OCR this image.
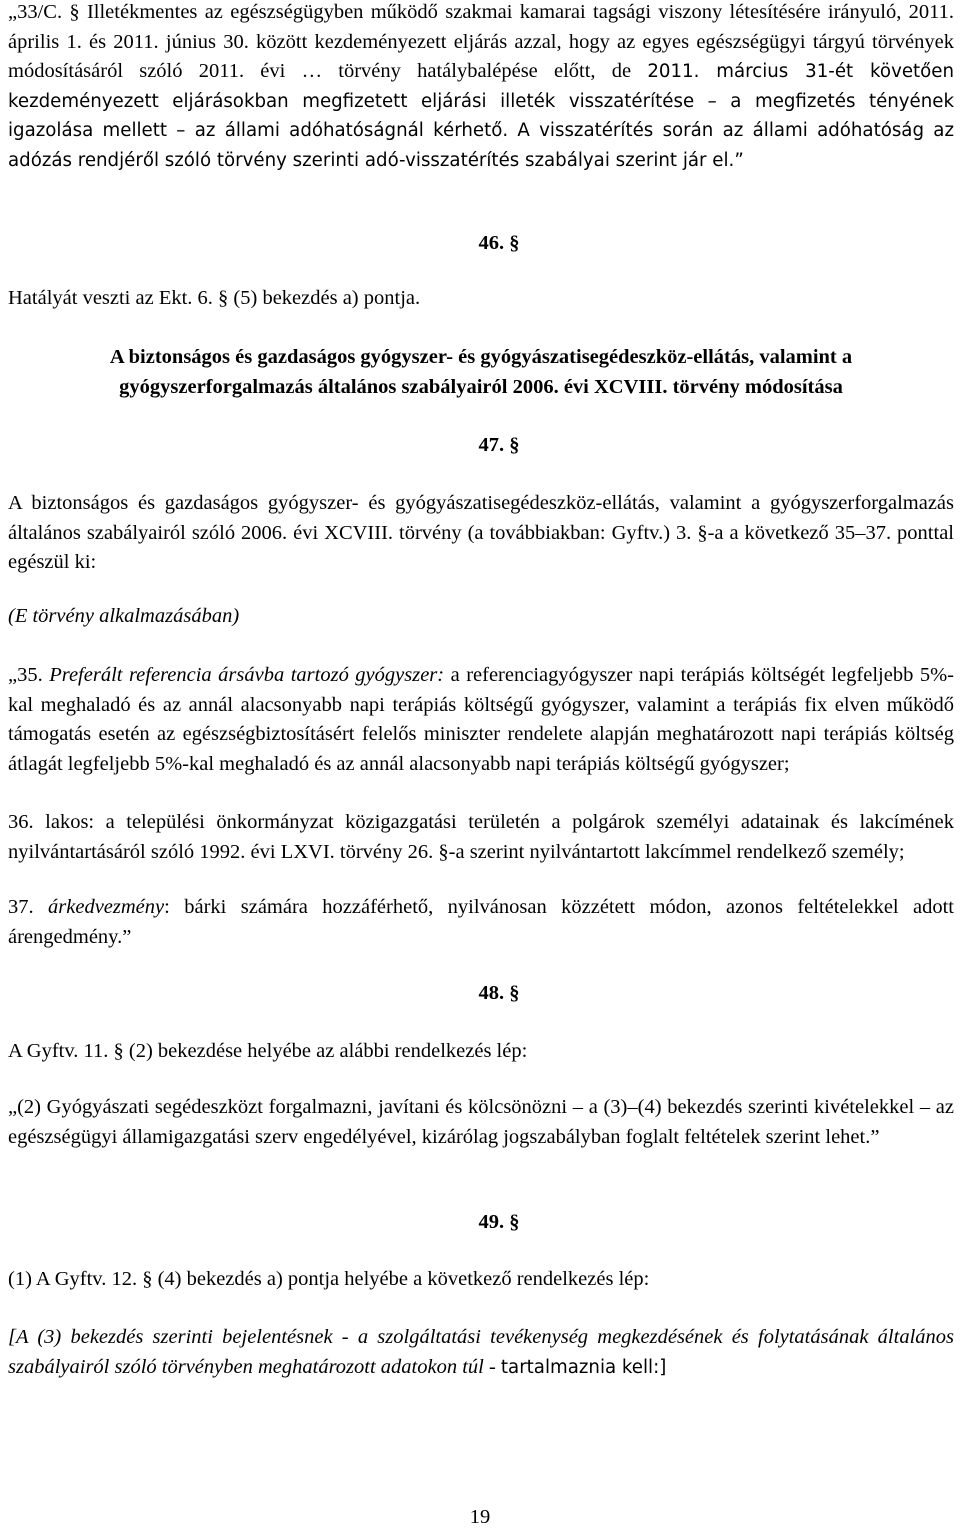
„33/C. § Illetékmentes az egészségügyben működő szakmai kamarai tagsági viszony létesítésére irányuló, 2011. április 1. és 2011. június 30. között kezdeményezett eljárás azzal, hogy az egyes egészségügyi tárgyú törvények módosításáról szóló 2011. évi … törvény hatálybalépése előtt, de 2011. március 31-ét követően kezdeményezett eljárásokban megfizetett eljárási illeték visszatérítése – a megfizetés tényének igazolása mellett – az állami adóhatóságnál kérhető. A visszatérítés során az állami adóhatóság az adózás rendjéről szóló törvény szerinti adó-visszatérítés szabályai szerint jár el.”

46. §

Hatályát veszti az Ekt. 6. § (5) bekezdés a) pontja.

A biztonságos és gazdaságos gyógyszer- és gyógyászatisegédeszköz-ellátás, valamint a gyógyszerforgalmazás általános szabályairól 2006. évi XCVIII. törvény módosítása

47. §

A biztonságos és gazdaságos gyógyszer- és gyógyászatisegédeszköz-ellátás, valamint a gyógyszerforgalmazás általános szabályairól szóló 2006. évi XCVIII. törvény (a továbbiakban: Gyftv.) 3. §-a a következő 35–37. ponttal egészül ki:

(E törvény alkalmazásában)

„35. Preferált referencia ársávba tartozó gyógyszer: a referenciagyógyszer napi terápiás költségét legfeljebb 5%-kal meghaladó és az annál alacsonyabb napi terápiás költségű gyógyszer, valamint a terápiás fix elven működő támogatás esetén az egészségbiztosításért felelős miniszter rendelete alapján meghatározott napi terápiás költség átlagát legfeljebb 5%-kal meghaladó és az annál alacsonyabb napi terápiás költségű gyógyszer;

36. lakos: a települési önkormányzat közigazgatási területén a polgárok személyi adatainak és lakcímének nyilvántartásáról szóló 1992. évi LXVI. törvény 26. §-a szerint nyilvántartott lakcímmel rendelkező személy;

37. árkedvezmény: bárki számára hozzáférhető, nyilvánosan közzétett módon, azonos feltételekkel adott árengedmény.”

48. §

A Gyftv. 11. § (2) bekezdése helyébe az alábbi rendelkezés lép:

„(2) Gyógyászati segédeszközt forgalmazni, javítani és kölcsönözni – a (3)–(4) bekezdés szerinti kivételekkel – az egészségügyi államigazgatási szerv engedélyével, kizárólag jogszabályban foglalt feltételek szerint lehet.”

49. §

(1) A Gyftv. 12. § (4) bekezdés a) pontja helyébe a következő rendelkezés lép:

[A (3) bekezdés szerinti bejelentésnek - a szolgáltatási tevékenység megkezdésének és folytatásának általános szabályairól szóló törvényben meghatározott adatokon túl - tartalmaznia kell:]

19
